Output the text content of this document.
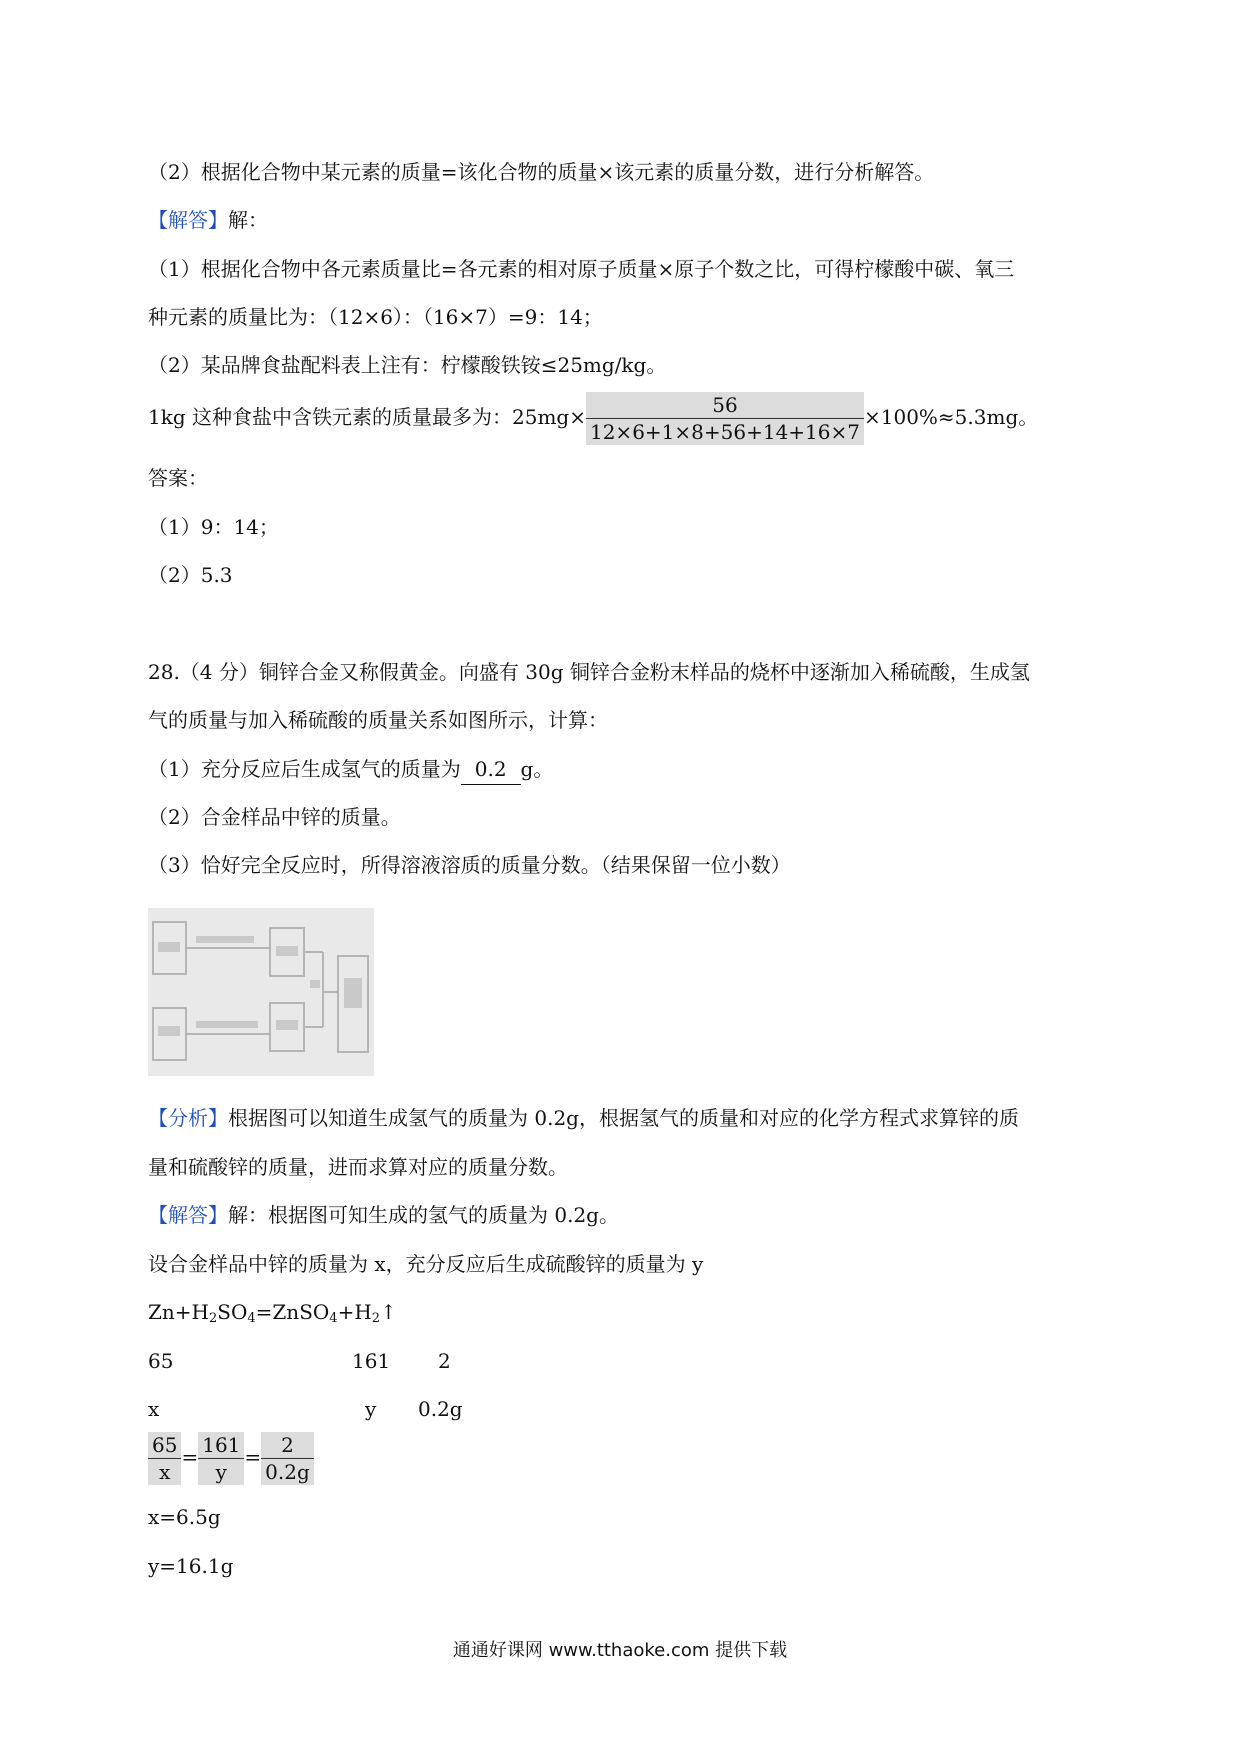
（2）根据化合物中某元素的质量=该化合物的质量×该元素的质量分数，进行分析解答。
【解答】解：
（1）根据化合物中各元素质量比=各元素的相对原子质量×原子个数之比，可得柠檬酸中碳、氧三
种元素的质量比为：（12×6）：（16×7）=9：14；
（2）某品牌食盐配料表上注有：柠檬酸铁铵≤25mg/kg。
1kg 这种食盐中含铁元素的质量最多为：$25mg\times \frac{56}{12\times 6+1\times 8+56+14+16\times 7} \times 100\%\approx 5.3mg$。
答案：
（1）9：14；
（2）5.3
28.（4 分）铜锌合金又称假黄金。向盛有 30g 铜锌合金粉末样品的烧杯中逐渐加入稀硫酸，生成氢
气的质量与加入稀硫酸的质量关系如图所示，计算：
（1）充分反应后生成氢气的质量为 0.2 g。
（2）合金样品中锌的质量。
（3）恰好完全反应时，所得溶液溶质的质量分数。（结果保留一位小数）
【分析】根据图可以知道生成氢气的质量为 0.2g，根据氢气的质量和对应的化学方程式求算锌的质
量和硫酸锌的质量，进而求算对应的质量分数。
【解答】解：根据图可知生成的氢气的质量为 0.2g。
设合金样品中锌的质量为 x，充分反应后生成硫酸锌的质量为 y
$Zn+H_2SO_4=ZnSO_4+H_2↑$
65	161 2
x	y 0.2g
$\frac{65}{x} = \frac{161}{y} = \frac{2}{0.2g}$
x=6.5g
y=16.1g
通通好课网 www.tthaoke.com 提供下载
